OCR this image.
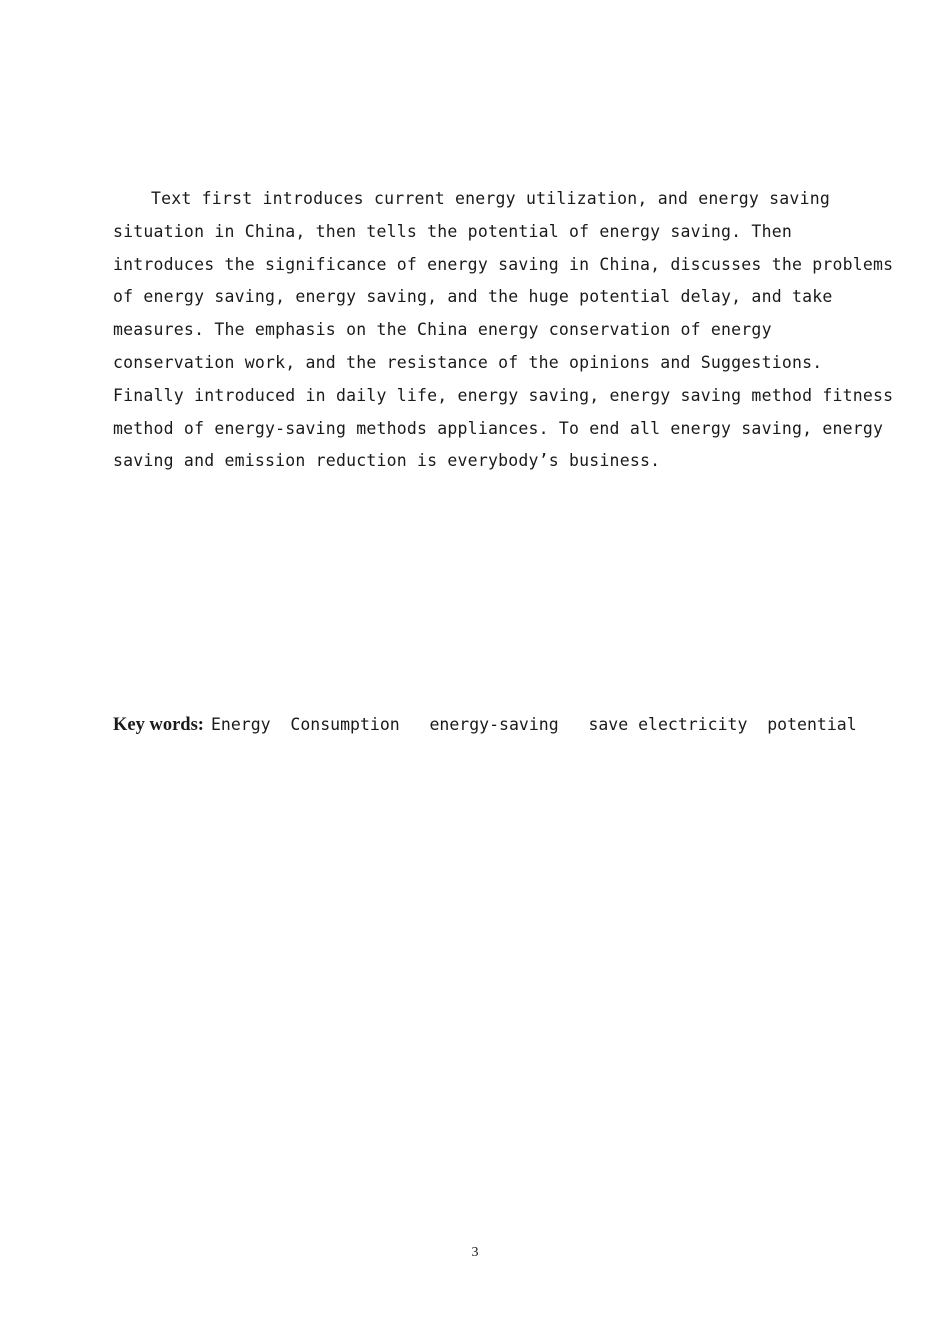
Text first introduces current energy utilization, and energy saving
situation in China, then tells the potential of energy saving. Then
introduces the significance of energy saving in China, discusses the problems
of energy saving, energy saving, and the huge potential delay, and take
measures. The emphasis on the China energy conservation of energy
conservation work, and the resistance of the opinions and Suggestions.
Finally introduced in daily life, energy saving, energy saving method fitness
method of energy-saving methods appliances. To end all energy saving, energy
saving and emission reduction is everybody’s business.
Key words: Energy  Consumption   energy-saving   save electricity  potential
3
